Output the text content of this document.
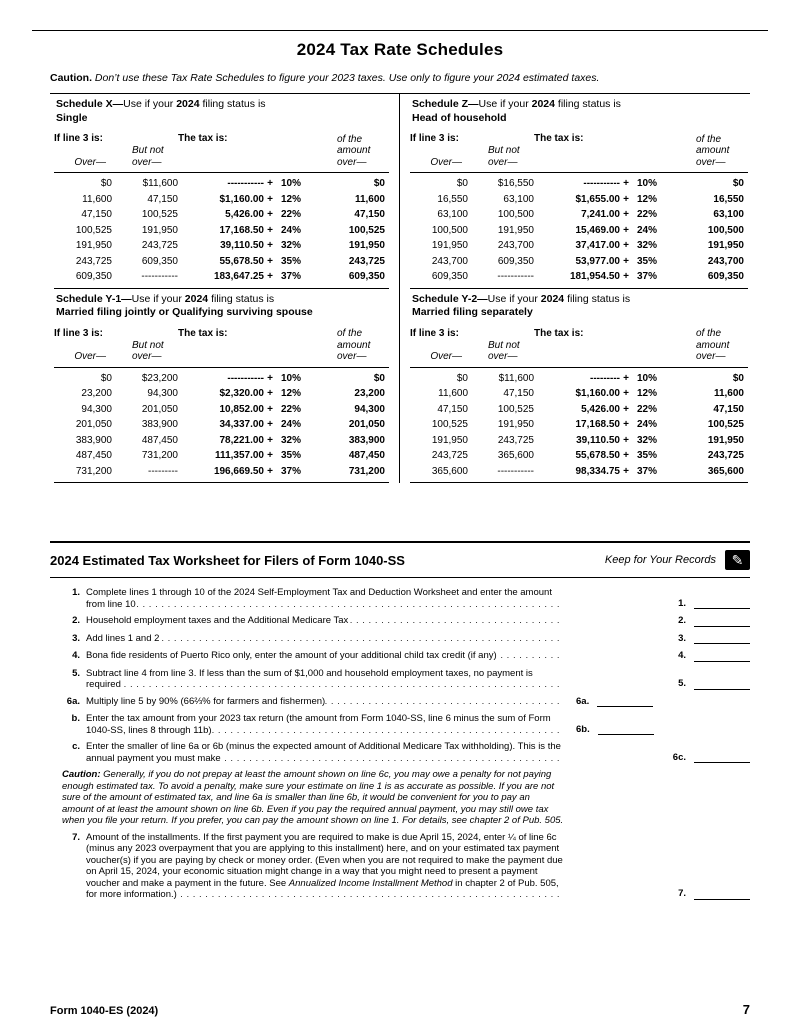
2024 Tax Rate Schedules

Caution. Don’t use these Tax Rate Schedules to figure your 2023 taxes. Use only to figure your 2024 estimated taxes.

Schedule X—Use if your 2024 filing status is
Single
If line 3 is:	The tax is:	of the amount over—
Over—
But not over—
$0	$11,600	----------- + 10%	$0
11,600	47,150	$1,160.00 + 12%	11,600
47,150	100,525	5,426.00 + 22%	47,150
100,525	191,950	17,168.50 + 24%	100,525
191,950	243,725	39,110.50 + 32%	191,950
243,725	609,350	55,678.50 + 35%	243,725
609,350	-----------	183,647.25 + 37%	609,350
Schedule Z—Use if your 2024 filing status is
Head of household
If line 3 is:	The tax is:	of the amount over—
Over—
But not over—
$0	$16,550	----------- + 10%	$0
16,550	63,100	$1,655.00 + 12%	16,550
63,100	100,500	7,241.00 + 22%	63,100
100,500	191,950	15,469.00 + 24%	100,500
191,950	243,700	37,417.00 + 32%	191,950
243,700	609,350	53,977.00 + 35%	243,700
609,350	-----------	181,954.50 + 37%	609,350
Schedule Y-1—Use if your 2024 filing status is
Married filing jointly or Qualifying surviving spouse
If line 3 is:	The tax is:	of the amount over—
Over—
But not over—
$0	$23,200	----------- + 10%	$0
23,200	94,300	$2,320.00 + 12%	23,200
94,300	201,050	10,852.00 + 22%	94,300
201,050	383,900	34,337.00 + 24%	201,050
383,900	487,450	78,221.00 + 32%	383,900
487,450	731,200	111,357.00 + 35%	487,450
731,200	---------	196,669.50 + 37%	731,200
Schedule Y-2—Use if your 2024 filing status is
Married filing separately
If line 3 is:	The tax is:	of the amount over—
Over—
But not over—
$0	$11,600	--------- + 10%	$0
11,600	47,150	$1,160.00 + 12%	11,600
47,150	100,525	5,426.00 + 22%	47,150
100,525	191,950	17,168.50 + 24%	100,525
191,950	243,725	39,110.50 + 32%	191,950
243,725	365,600	55,678.50 + 35%	243,725
365,600	-----------	98,334.75 + 37%	365,600
2024 Estimated Tax Worksheet for Filers of Form 1040-SS	Keep for Your Records	✎
1. Complete lines 1 through 10 of the 2024 Self-Employment Tax and Deduction Worksheet and enter the amount from line 10 . . .	1.
2. Household employment taxes and the Additional Medicare Tax . . .	2.
3. Add lines 1 and 2 . . .	3.
4. Bona fide residents of Puerto Rico only, enter the amount of your additional child tax credit (if any) . . .	4.
5. Subtract line 4 from line 3. If less than the sum of $1,000 and household employment taxes, no payment is required . . .	5.
6a. Multiply line 5 by 90% (66⅔% for farmers and fishermen) . . .	6a.
b. Enter the tax amount from your 2023 tax return (the amount from Form 1040-SS, line 6 minus the sum of Form 1040-SS, lines 8 through 11b) . . .	6b.
c. Enter the smaller of line 6a or 6b (minus the expected amount of Additional Medicare Tax withholding). This is the annual payment you must make . . .	6c.
Caution: Generally, if you do not prepay at least the amount shown on line 6c, you may owe a penalty for not paying enough estimated tax. To avoid a penalty, make sure your estimate on line 1 is as accurate as possible. If you are not sure of the amount of estimated tax, and line 6a is smaller than line 6b, it would be convenient for you to pay an amount of at least the amount shown on line 6b. Even if you pay the required annual payment, you may still owe tax when you file your return. If you prefer, you can pay the amount shown on line 1. For details, see chapter 2 of Pub. 505.
7. Amount of the installments. If the first payment you are required to make is due April 15, 2024, enter ¼ of line 6c (minus any 2023 overpayment that you are applying to this installment) here, and on your estimated tax payment voucher(s) if you are paying by check or money order. (Even when you are not required to make the payment due on April 15, 2024, your economic situation might change in a way that you might need to present a payment voucher and make a payment in the future. See Annualized Income Installment Method in chapter 2 of Pub. 505, for more information.) . . .	7.
Form 1040-ES (2024)	7
